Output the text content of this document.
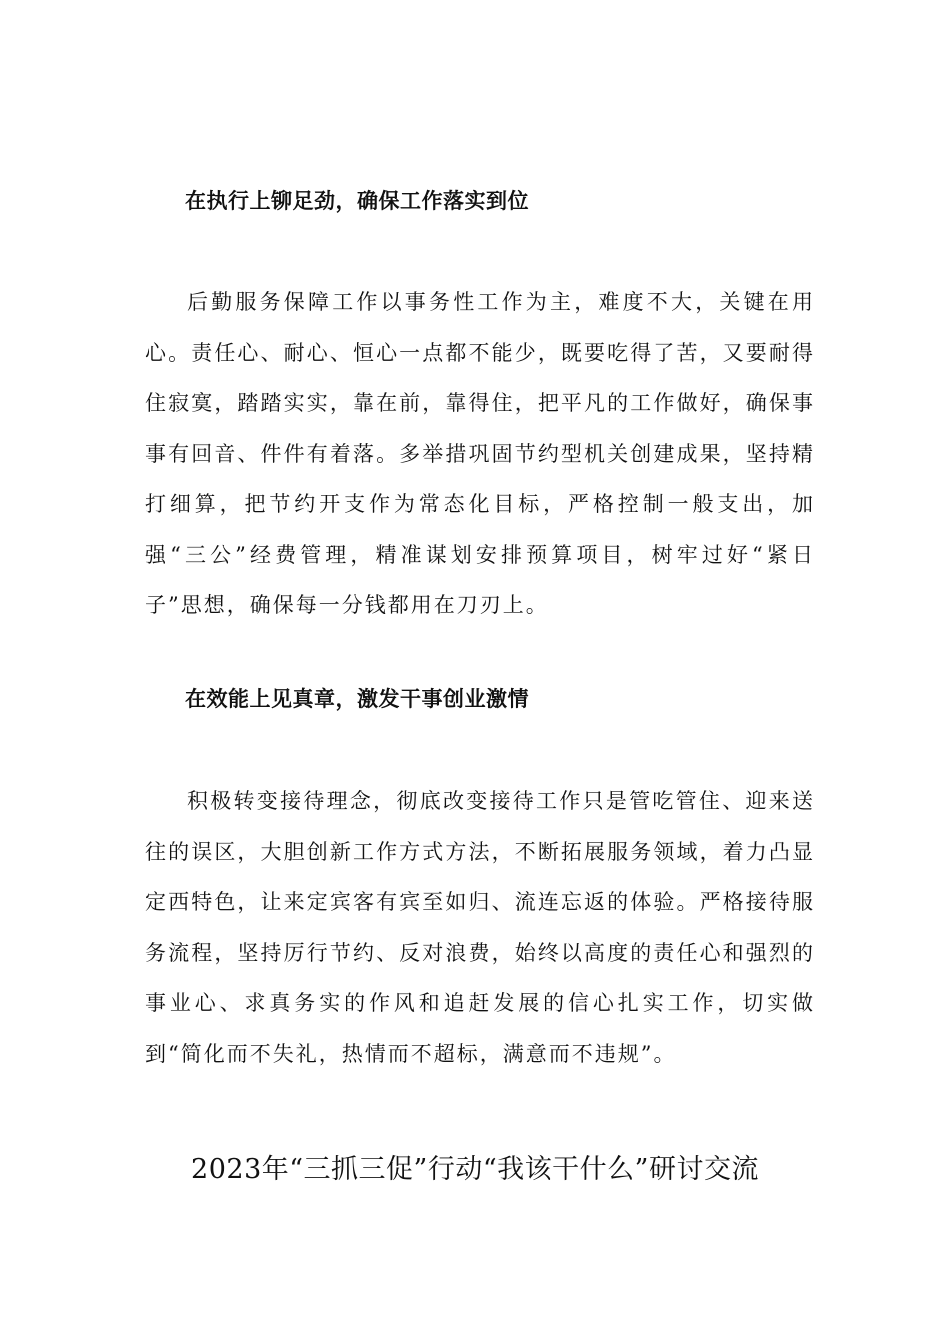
在执行上铆足劲，确保工作落实到位
后勤服务保障工作以事务性工作为主，难度不大，关键在用心。责任心、耐心、恒心一点都不能少，既要吃得了苦，又要耐得住寂寞，踏踏实实，靠在前，靠得住，把平凡的工作做好，确保事事有回音、件件有着落。多举措巩固节约型机关创建成果，坚持精打细算，把节约开支作为常态化目标，严格控制一般支出，加强“三公”经费管理，精准谋划安排预算项目，树牢过好“紧日子”思想，确保每一分钱都用在刀刃上。
在效能上见真章，激发干事创业激情
积极转变接待理念，彻底改变接待工作只是管吃管住、迎来送往的误区，大胆创新工作方式方法，不断拓展服务领域，着力凸显定西特色，让来定宾客有宾至如归、流连忘返的体验。严格接待服务流程，坚持厉行节约、反对浪费，始终以高度的责任心和强烈的事业心、求真务实的作风和追赶发展的信心扎实工作，切实做到“简化而不失礼，热情而不超标，满意而不违规”。
2023年“三抓三促”行动“我该干什么”研讨交流
